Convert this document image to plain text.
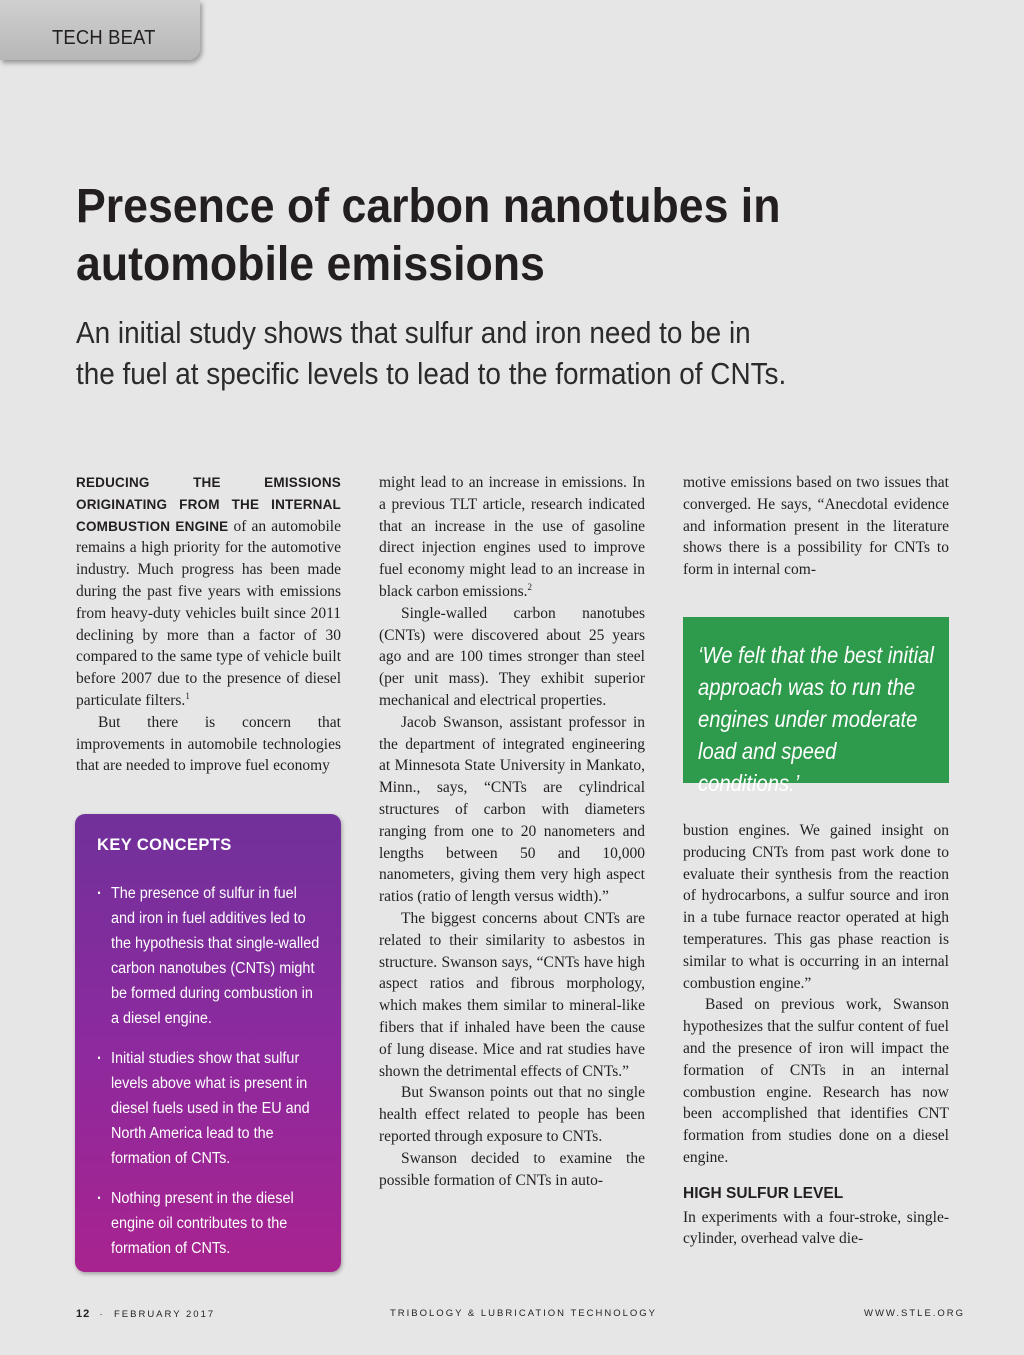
TECH BEAT
Presence of carbon nanotubes in
automobile emissions
An initial study shows that sulfur and iron need to be in the fuel at specific levels to lead to the formation of CNTs.

REDUCING THE EMISSIONS ORIGINATING FROM THE INTERNAL COMBUSTION ENGINE of an automobile remains a high priority for the automotive industry. Much progress has been made during the past five years with emissions from heavy-duty vehicles built since 2011 declining by more than a factor of 30 compared to the same type of vehicle built before 2007 due to the presence of diesel particulate filters.$^1$

But there is concern that improvements in automobile technologies that are needed to improve fuel economy

KEY CONCEPTS
· The presence of sulfur in fuel and iron in fuel additives led to the hypothesis that single-walled carbon nanotubes (CNTs) might be formed during combustion in a diesel engine.
· Initial studies show that sulfur levels above what is present in diesel fuels used in the EU and North America lead to the formation of CNTs.
· Nothing present in the diesel engine oil contributes to the formation of CNTs.

might lead to an increase in emissions. In a previous TLT article, research indicated that an increase in the use of gasoline direct injection engines used to improve fuel economy might lead to an increase in black carbon emissions.$^2$

Single-walled carbon nanotubes (CNTs) were discovered about 25 years ago and are 100 times stronger than steel (per unit mass). They exhibit superior mechanical and electrical properties.

Jacob Swanson, assistant professor in the department of integrated engineering at Minnesota State University in Mankato, Minn., says, “CNTs are cylindrical structures of carbon with diameters ranging from one to 20 nanometers and lengths between 50 and 10,000 nanometers, giving them very high aspect ratios (ratio of length versus width).”

The biggest concerns about CNTs are related to their similarity to asbestos in structure. Swanson says, “CNTs have high aspect ratios and fibrous morphology, which makes them similar to mineral-like fibers that if inhaled have been the cause of lung disease. Mice and rat studies have shown the detrimental effects of CNTs.”

But Swanson points out that no single health effect related to people has been reported through exposure to CNTs.

Swanson decided to examine the possible formation of CNTs in auto-

motive emissions based on two issues that converged. He says, “Anecdotal evidence and information present in the literature shows there is a possibility for CNTs to form in internal com-

‘We felt that the best initial approach was to run the engines under moderate load and speed conditions.’

bustion engines. We gained insight on producing CNTs from past work done to evaluate their synthesis from the reaction of hydrocarbons, a sulfur source and iron in a tube furnace reactor operated at high temperatures. This gas phase reaction is similar to what is occurring in an internal combustion engine.”

Based on previous work, Swanson hypothesizes that the sulfur content of fuel and the presence of iron will impact the formation of CNTs in an internal combustion engine. Research has now been accomplished that identifies CNT formation from studies done on a diesel engine.

HIGH SULFUR LEVEL

In experiments with a four-stroke, single-cylinder, overhead valve die-

12 · FEBRUARY 2017	TRIBOLOGY & LUBRICATION TECHNOLOGY	WWW.STLE.ORG
